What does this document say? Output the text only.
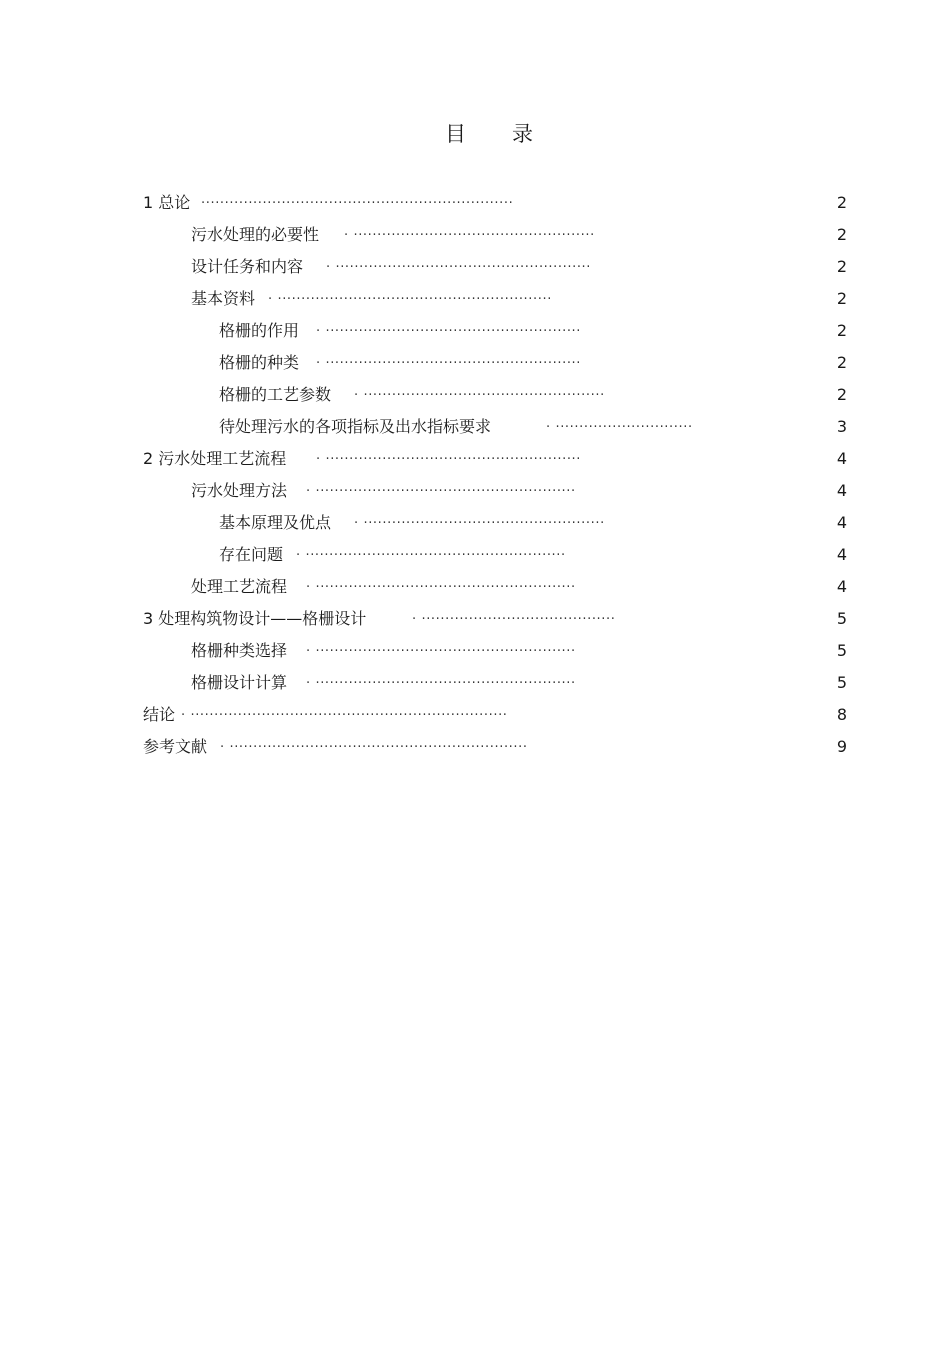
目 录
1 总论 ..................................................................	2
污水处理的必要性 . ...................................................	2
设计任务和内容 . ......................................................	2
基本资料 . ..........................................................	2
格栅的作用 . ......................................................	2
格栅的种类 . ......................................................	2
格栅的工艺参数 . ...................................................	2
待处理污水的各项指标及出水指标要求	. .............................	3
2 污水处理工艺流程 . ......................................................	4
污水处理方法 . .......................................................	4
基本原理及优点 . ...................................................	4
存在问题 . .......................................................	4
处理工艺流程 . .......................................................	4
3 处理构筑物设计——格栅设计	. .........................................	5
格栅种类选择 . .......................................................	5
格栅设计计算 . .......................................................	5
结论 . ...................................................................	8
参考文献 . ...............................................................	9
